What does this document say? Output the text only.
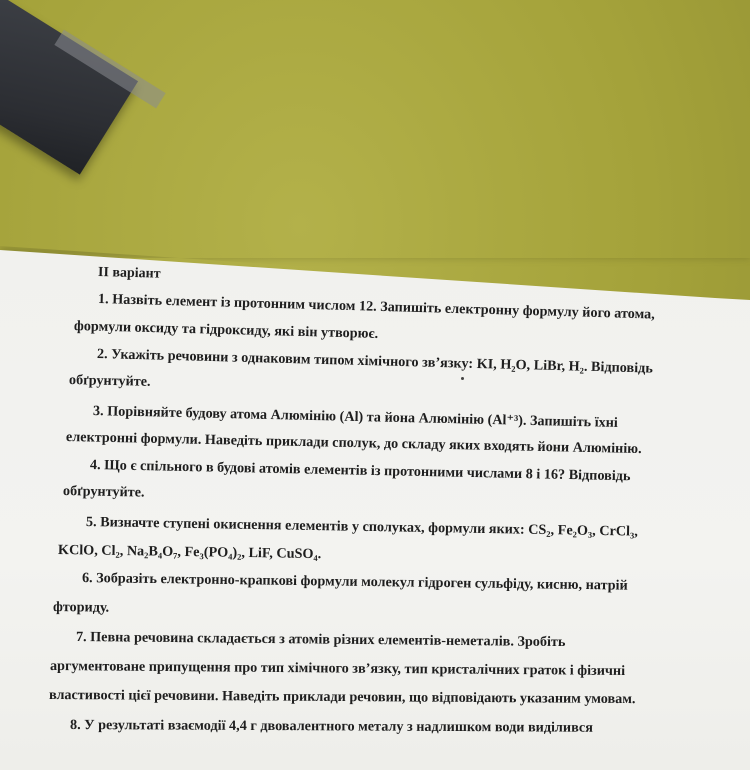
II варіант
1. Назвіть елемент із протонним числом 12. Запишіть електронну формулу його атома,
формули оксиду та гідроксиду, які він утворює.
2. Укажіть речовини з однаковим типом хімічного зв’язку: KI, H₂O, LiBr, H₂. Відповідь
обґрунтуйте.
3. Порівняйте будову атома Алюмінію (Al) та йона Алюмінію (Al⁺³). Запишіть їхні
електронні формули. Наведіть приклади сполук, до складу яких входять йони Алюмінію.
4. Що є спільного в будові атомів елементів із протонними числами 8 і 16? Відповідь
обґрунтуйте.
5. Визначте ступені окиснення елементів у сполуках, формули яких: CS₂, Fe₂O₃, CrCl₃,
KClO, Cl₂, Na₂B₄O₇, Fe₃(PO₄)₂, LiF, CuSO₄.
6. Зобразіть електронно-крапкові формули молекул гідроген сульфіду, кисню, натрій
фториду.
7. Певна речовина складається з атомів різних елементів-неметалів. Зробіть
аргументоване припущення про тип хімічного зв’язку, тип кристалічних граток і фізичні
властивості цієї речовини. Наведіть приклади речовин, що відповідають указаним умовам.
8. У результаті взаємодії 4,4 г двовалентного металу з надлишком води виділився
